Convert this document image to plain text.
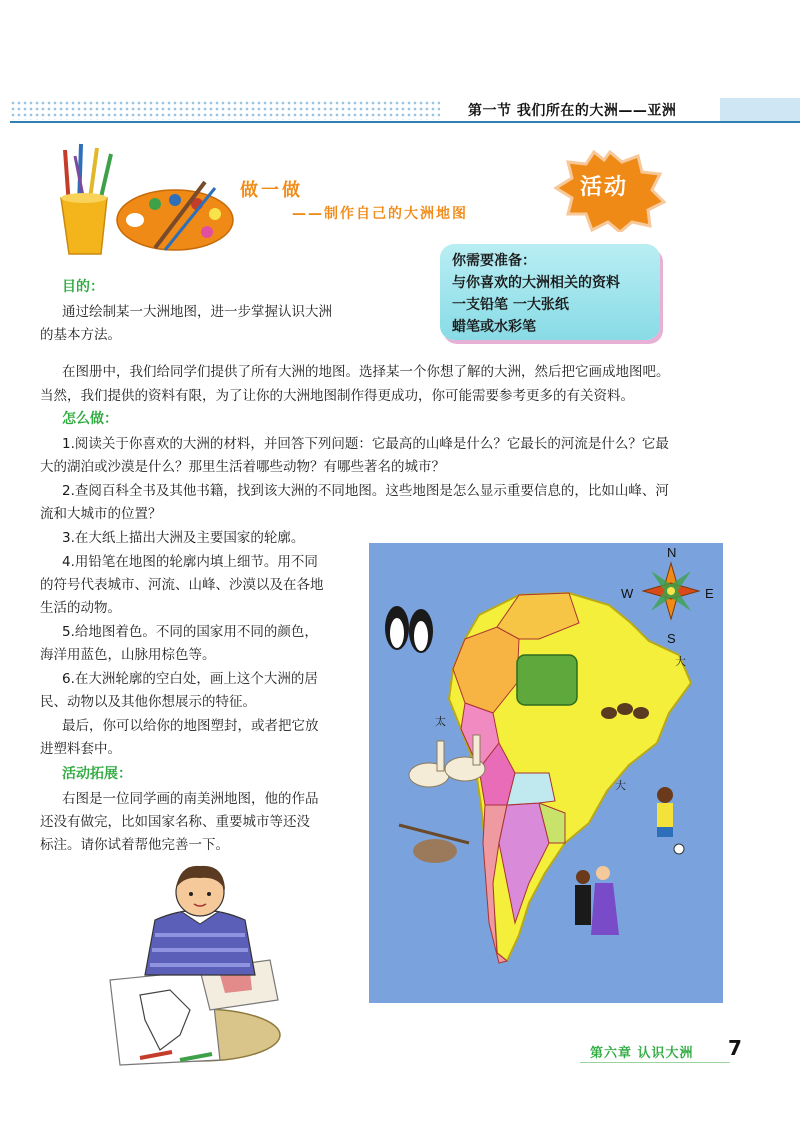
第一节 我们所在的大洲——亚洲
做一做
——制作自己的大洲地图
活动
你需要准备：
与你喜欢的大洲相关的资料
一支铅笔 一大张纸
蜡笔或水彩笔
目的：
通过绘制某一大洲地图，进一步掌握认识大洲
的基本方法。
在图册中，我们给同学们提供了所有大洲的地图。选择某一个你想了解的大洲，然后把它画成地图吧。
当然，我们提供的资料有限，为了让你的大洲地图制作得更成功，你可能需要参考更多的有关资料。
怎么做：
1.阅读关于你喜欢的大洲的材料，并回答下列问题：它最高的山峰是什么？它最长的河流是什么？它最
大的湖泊或沙漠是什么？那里生活着哪些动物？有哪些著名的城市？
2.查阅百科全书及其他书籍，找到该大洲的不同地图。这些地图是怎么显示重要信息的，比如山峰、河
流和大城市的位置？
3.在大纸上描出大洲及主要国家的轮廓。
4.用铅笔在地图的轮廓内填上细节。用不同
的符号代表城市、河流、山峰、沙漠以及在各地
生活的动物。
5.给地图着色。不同的国家用不同的颜色，
海洋用蓝色，山脉用棕色等。
6.在大洲轮廓的空白处，画上这个大洲的居
民、动物以及其他你想展示的特征。
最后，你可以给你的地图塑封，或者把它放
进塑料套中。
活动拓展：
右图是一位同学画的南美洲地图，他的作品
还没有做完，比如国家名称、重要城市等还没
标注。请你试着帮他完善一下。
N
S
E
W
大
太
大
第六章 认识大洲 7
